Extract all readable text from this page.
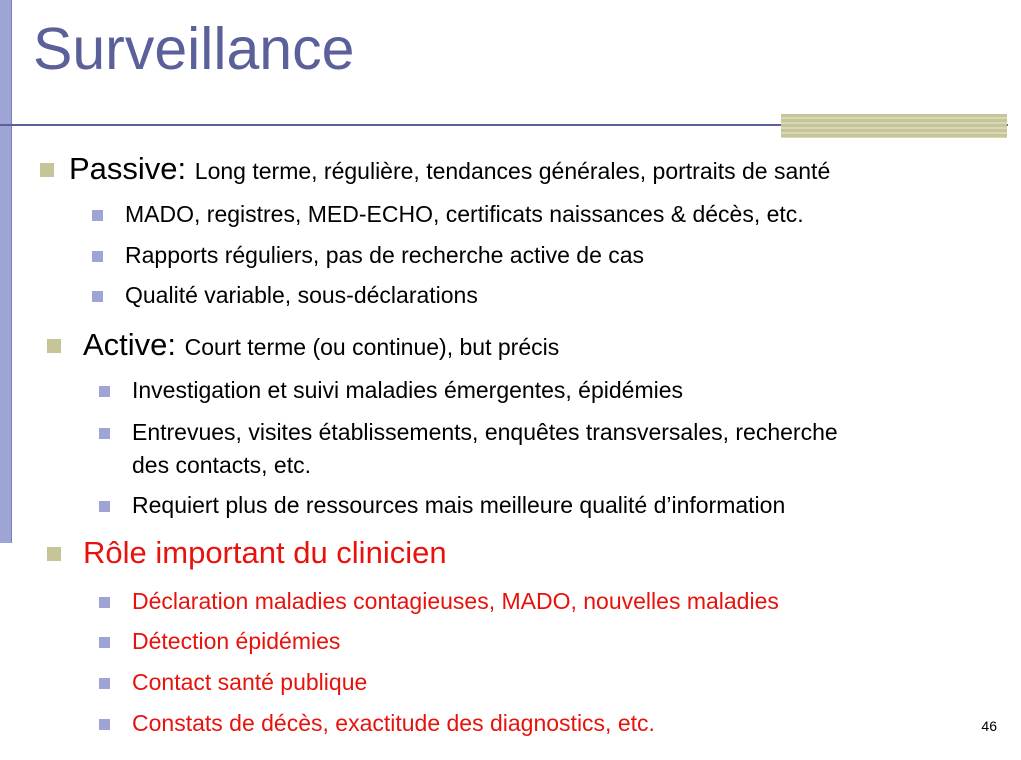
Surveillance
Passive: Long terme, régulière, tendances générales, portraits de santé
MADO, registres, MED-ECHO, certificats naissances & décès, etc.
Rapports réguliers, pas de recherche active de cas
Qualité variable, sous-déclarations
Active: Court terme (ou continue), but précis
Investigation et suivi maladies émergentes, épidémies
Entrevues, visites établissements, enquêtes transversales, recherche
des contacts, etc.
Requiert plus de ressources mais meilleure qualité d’information
Rôle important du clinicien
Déclaration maladies contagieuses, MADO, nouvelles maladies
Détection épidémies
Contact santé publique
Constats de décès, exactitude des diagnostics, etc.	46
